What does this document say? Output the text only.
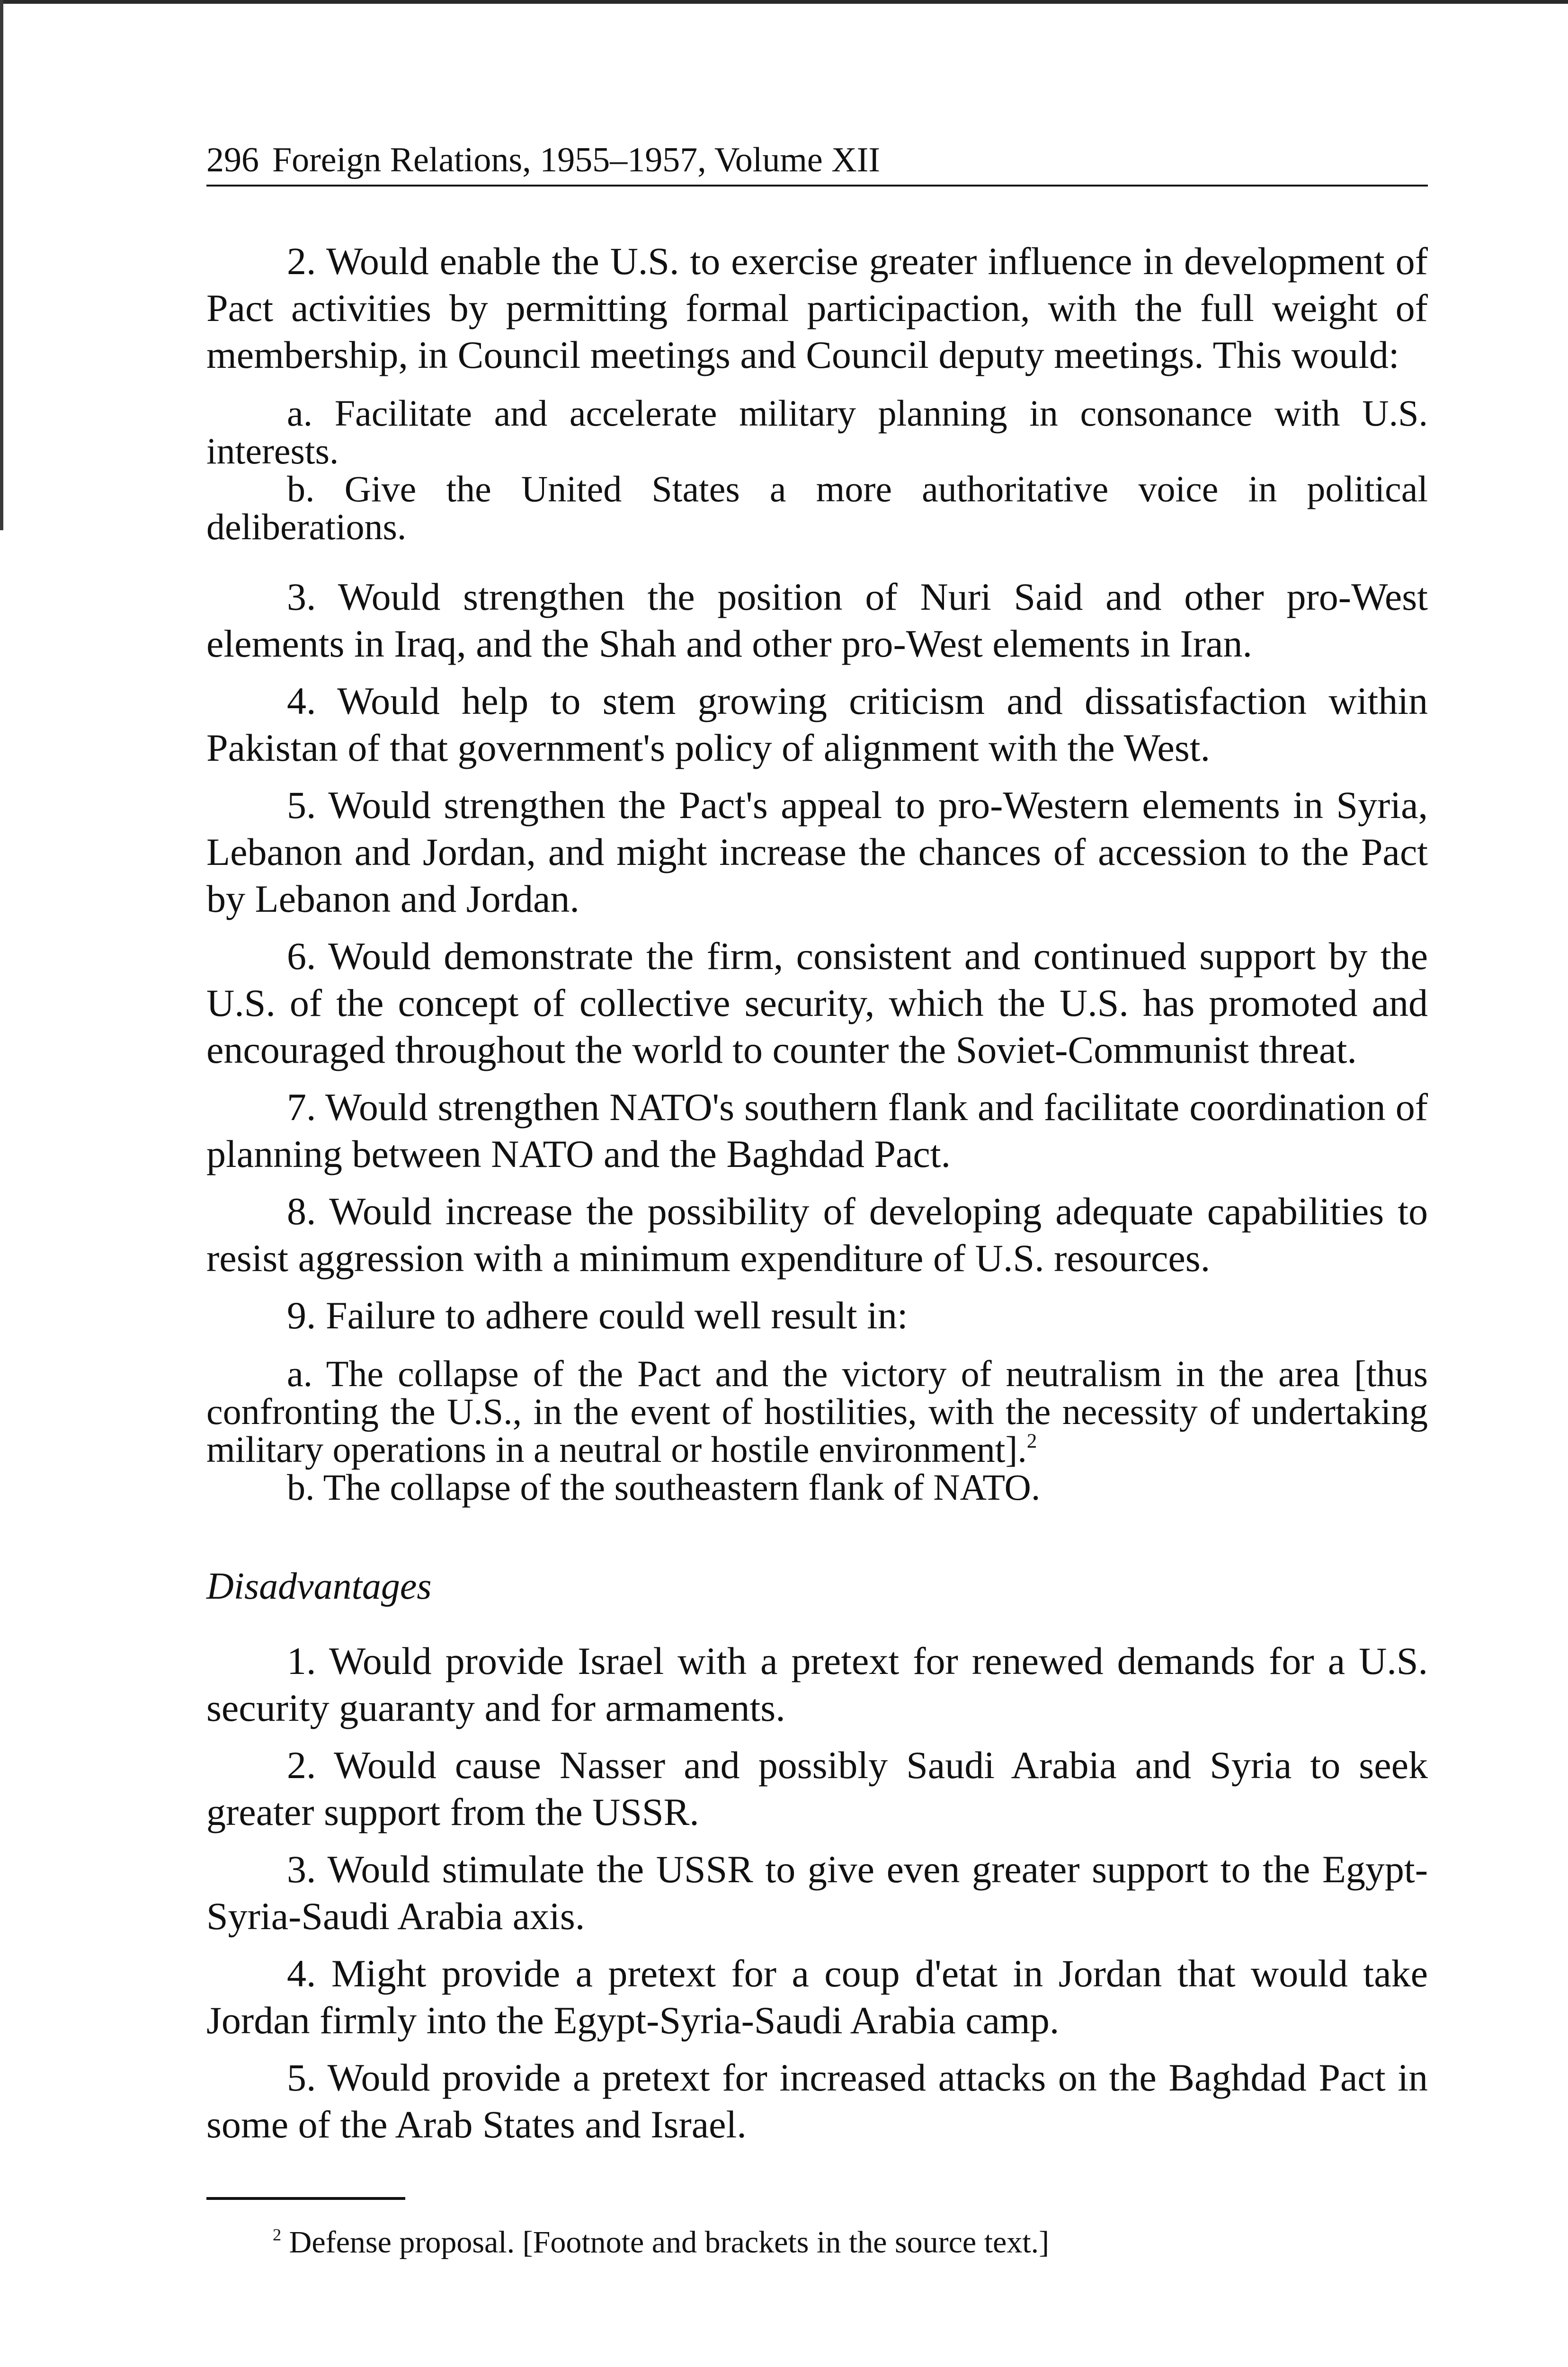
296 Foreign Relations, 1955–1957, Volume XII

2. Would enable the U.S. to exercise greater influence in development of Pact activities by permitting formal participaction, with the full weight of membership, in Council meetings and Council deputy meetings. This would:

a. Facilitate and accelerate military planning in consonance with U.S. interests.

b. Give the United States a more authoritative voice in political deliberations.

3. Would strengthen the position of Nuri Said and other pro-West elements in Iraq, and the Shah and other pro-West elements in Iran.

4. Would help to stem growing criticism and dissatisfaction within Pakistan of that government's policy of alignment with the West.

5. Would strengthen the Pact's appeal to pro-Western elements in Syria, Lebanon and Jordan, and might increase the chances of accession to the Pact by Lebanon and Jordan.

6. Would demonstrate the firm, consistent and continued support by the U.S. of the concept of collective security, which the U.S. has promoted and encouraged throughout the world to counter the Soviet-Communist threat.

7. Would strengthen NATO's southern flank and facilitate coordination of planning between NATO and the Baghdad Pact.

8. Would increase the possibility of developing adequate capabilities to resist aggression with a minimum expenditure of U.S. resources.

9. Failure to adhere could well result in:

a. The collapse of the Pact and the victory of neutralism in the area [thus confronting the U.S., in the event of hostilities, with the necessity of undertaking military operations in a neutral or hostile environment].$^2$

b. The collapse of the southeastern flank of NATO.

Disadvantages

1. Would provide Israel with a pretext for renewed demands for a U.S. security guaranty and for armaments.

2. Would cause Nasser and possibly Saudi Arabia and Syria to seek greater support from the USSR.

3. Would stimulate the USSR to give even greater support to the Egypt-Syria-Saudi Arabia axis.

4. Might provide a pretext for a coup d'etat in Jordan that would take Jordan firmly into the Egypt-Syria-Saudi Arabia camp.

5. Would provide a pretext for increased attacks on the Baghdad Pact in some of the Arab States and Israel.

$^2$ Defense proposal. [Footnote and brackets in the source text.]
